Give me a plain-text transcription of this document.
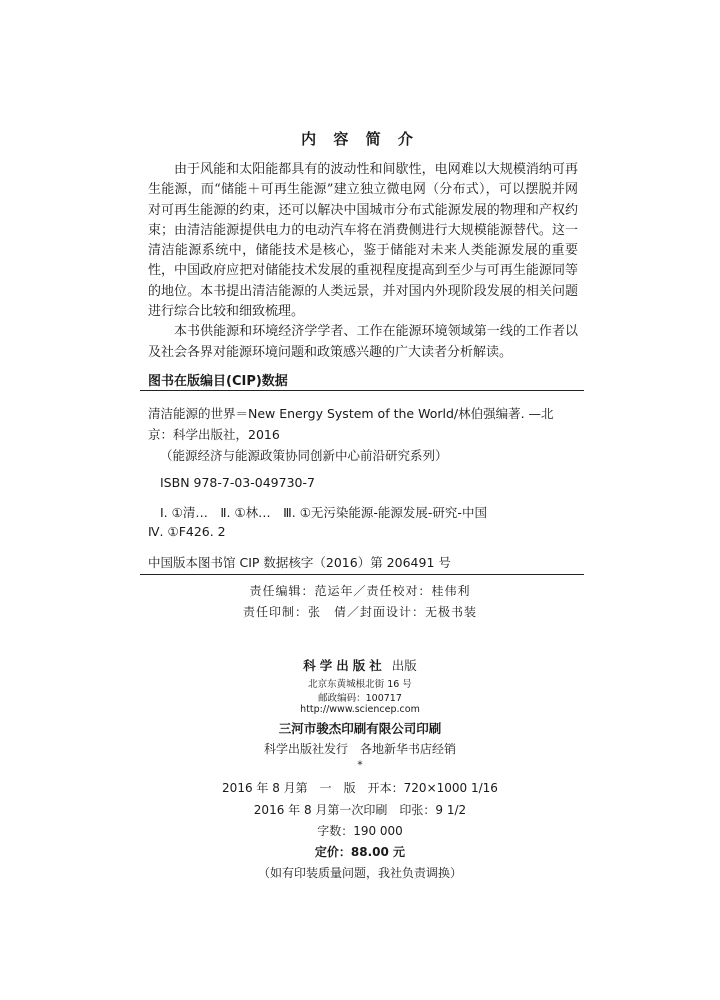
内 容 简 介

由于风能和太阳能都具有的波动性和间歇性，电网难以大规模消纳可再生能源，而“储能＋可再生能源”建立独立微电网（分布式），可以摆脱并网对可再生能源的约束，还可以解决中国城市分布式能源发展的物理和产权约束；由清洁能源提供电力的电动汽车将在消费侧进行大规模能源替代。这一清洁能源系统中，储能技术是核心，鉴于储能对未来人类能源发展的重要性，中国政府应把对储能技术发展的重视程度提高到至少与可再生能源同等的地位。本书提出清洁能源的人类远景，并对国内外现阶段发展的相关问题进行综合比较和细致梳理。

本书供能源和环境经济学学者、工作在能源环境领域第一线的工作者以及社会各界对能源环境问题和政策感兴趣的广大读者分析解读。

图书在版编目(CIP)数据
清洁能源的世界＝New Energy System of the World/林伯强编著. —北
京：科学出版社，2016
（能源经济与能源政策协同创新中心前沿研究系列）
ISBN 978-7-03-049730-7
Ⅰ. ①清…　Ⅱ. ①林…　Ⅲ. ①无污染能源-能源发展-研究-中国
Ⅳ. ①F426. 2
中国版本图书馆 CIP 数据核字（2016）第 206491 号
责任编辑：范运年／责任校对：桂伟利
责任印制：张　倩／封面设计：无极书装
科学出版社 出版
北京东黄城根北街 16 号
邮政编码：100717
http://www.sciencep.com
三河市骏杰印刷有限公司印刷
科学出版社发行　各地新华书店经销
*
2016 年 8 月第　一　版　开本：720×1000 1/16
2016 年 8 月第一次印刷　印张：9 1/2
字数：190 000
定价：88.00 元
（如有印装质量问题，我社负责调换）
